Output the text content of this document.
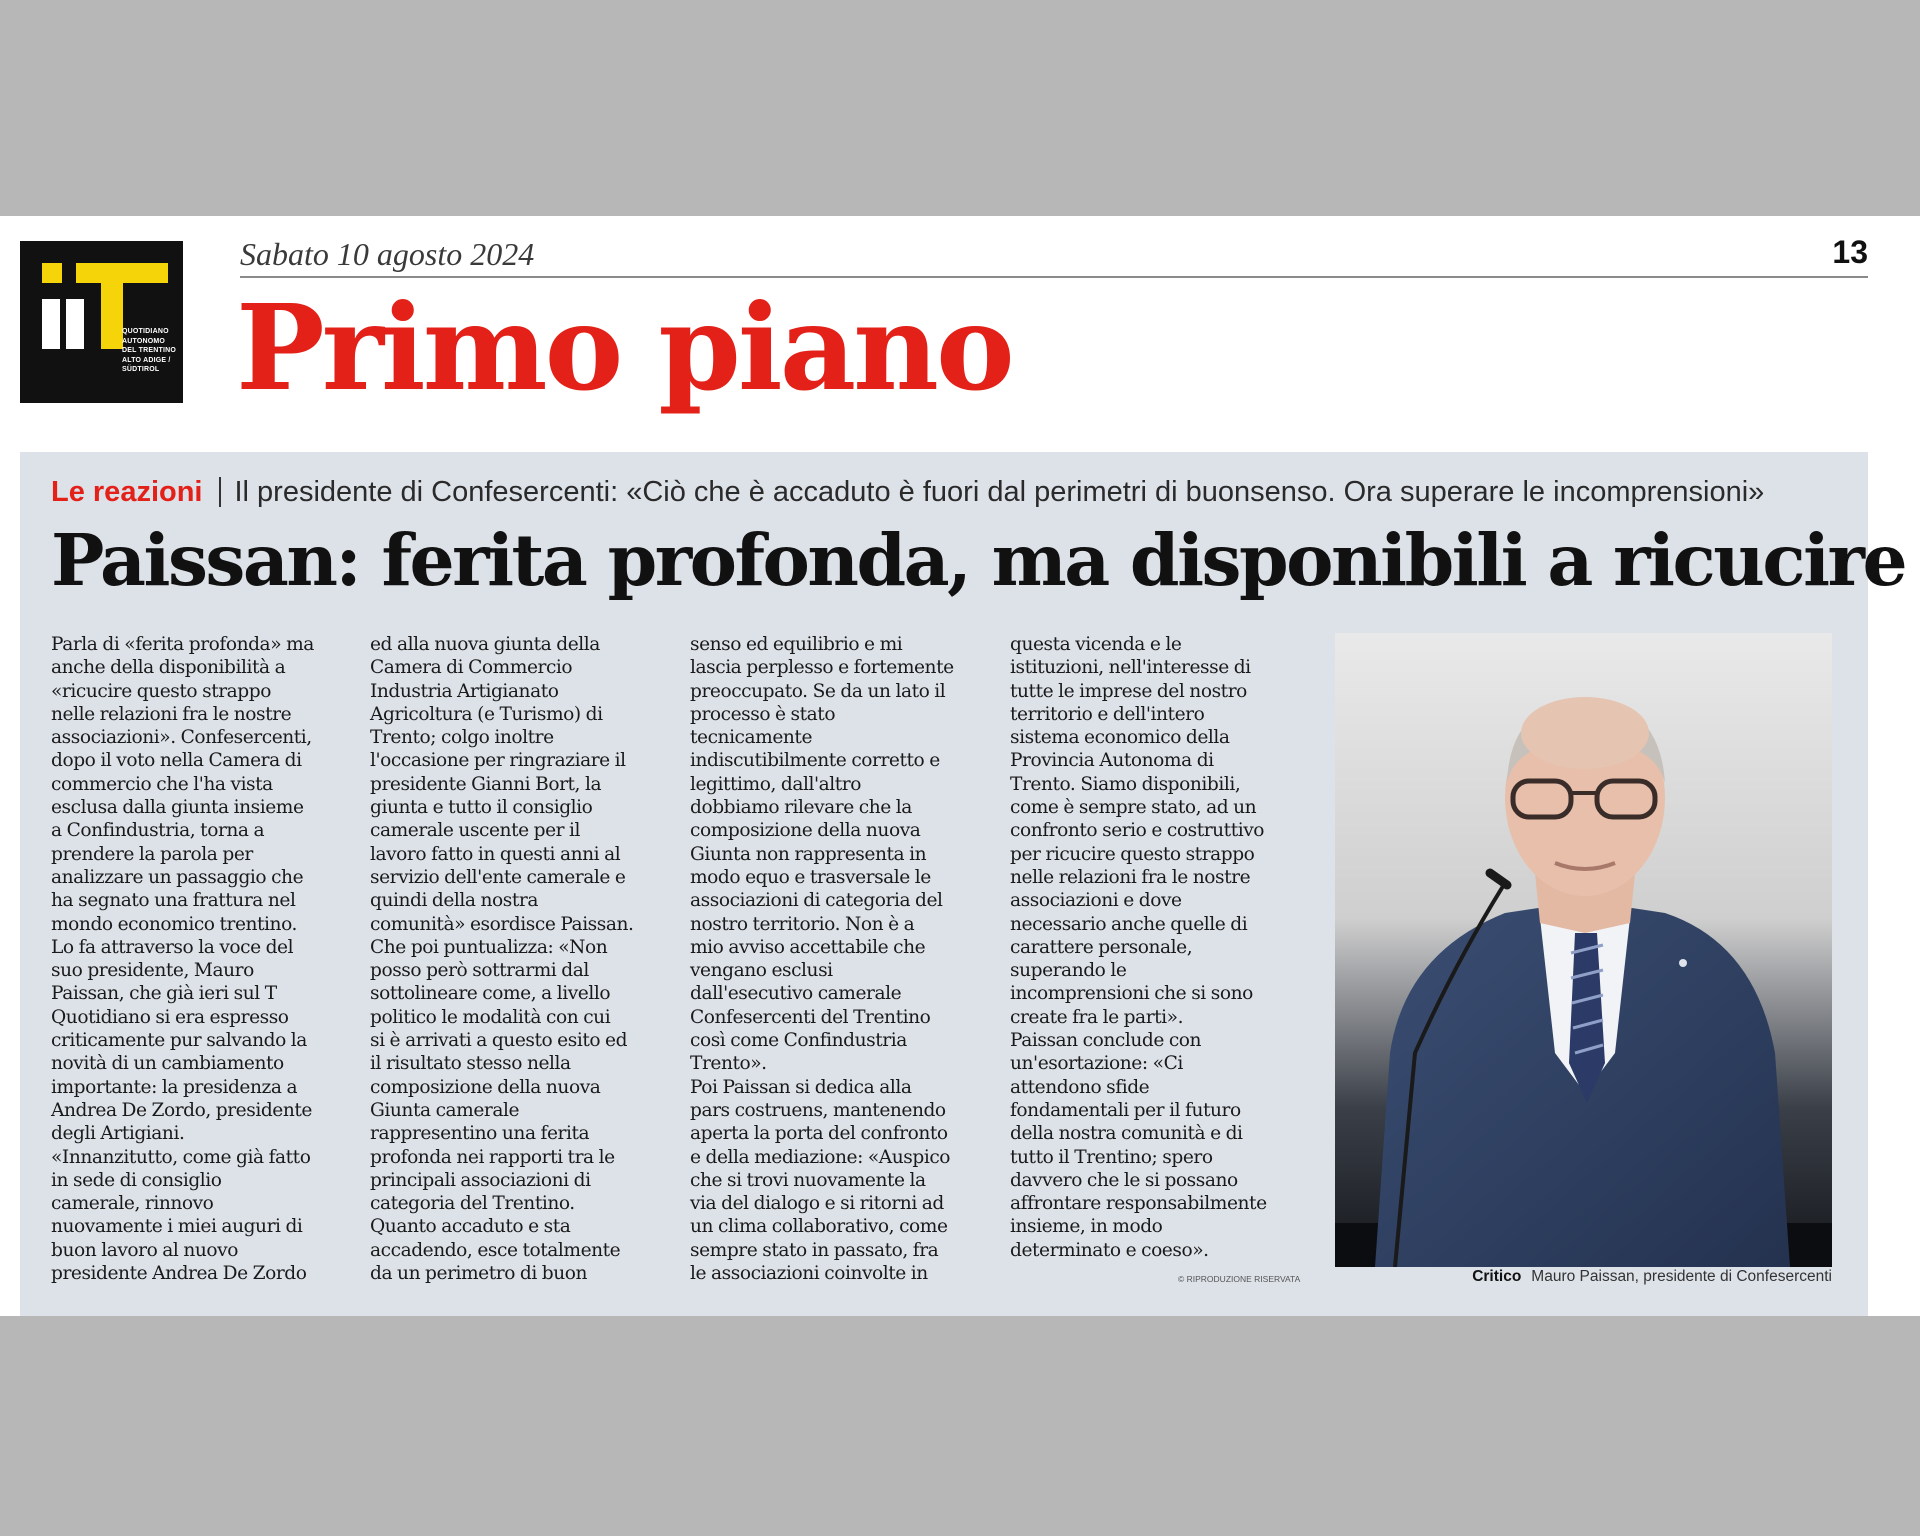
QUOTIDIANO
AUTONOMO
DEL TRENTINO
ALTO ADIGE /
SÜDTIROL
Sabato 10 agosto 2024	13
Primo piano
Le reazioni Il presidente di Confesercenti: «Ciò che è accaduto è fuori dal perimetri di buonsenso. Ora superare le incomprensioni»
Paissan: ferita profonda, ma disponibili a ricucire
Parla di «ferita profonda» ma
anche della disponibilità a
«ricucire questo strappo
nelle relazioni fra le nostre
associazioni». Confesercenti,
dopo il voto nella Camera di
commercio che l'ha vista
esclusa dalla giunta insieme
a Confindustria, torna a
prendere la parola per
analizzare un passaggio che
ha segnato una frattura nel
mondo economico trentino.
Lo fa attraverso la voce del
suo presidente, Mauro
Paissan, che già ieri sul T
Quotidiano si era espresso
criticamente pur salvando la
novità di un cambiamento
importante: la presidenza a
Andrea De Zordo, presidente
degli Artigiani.
«Innanzitutto, come già fatto
in sede di consiglio
camerale, rinnovo
nuovamente i miei auguri di
buon lavoro al nuovo
presidente Andrea De Zordo
ed alla nuova giunta della
Camera di Commercio
Industria Artigianato
Agricoltura (e Turismo) di
Trento; colgo inoltre
l'occasione per ringraziare il
presidente Gianni Bort, la
giunta e tutto il consiglio
camerale uscente per il
lavoro fatto in questi anni al
servizio dell'ente camerale e
quindi della nostra
comunità» esordisce Paissan.
Che poi puntualizza: «Non
posso però sottrarmi dal
sottolineare come, a livello
politico le modalità con cui
si è arrivati a questo esito ed
il risultato stesso nella
composizione della nuova
Giunta camerale
rappresentino una ferita
profonda nei rapporti tra le
principali associazioni di
categoria del Trentino.
Quanto accaduto e sta
accadendo, esce totalmente
da un perimetro di buon
senso ed equilibrio e mi
lascia perplesso e fortemente
preoccupato. Se da un lato il
processo è stato
tecnicamente
indiscutibilmente corretto e
legittimo, dall'altro
dobbiamo rilevare che la
composizione della nuova
Giunta non rappresenta in
modo equo e trasversale le
associazioni di categoria del
nostro territorio. Non è a
mio avviso accettabile che
vengano esclusi
dall'esecutivo camerale
Confesercenti del Trentino
così come Confindustria
Trento».
Poi Paissan si dedica alla
pars costruens, mantenendo
aperta la porta del confronto
e della mediazione: «Auspico
che si trovi nuovamente la
via del dialogo e si ritorni ad
un clima collaborativo, come
sempre stato in passato, fra
le associazioni coinvolte in
questa vicenda e le
istituzioni, nell'interesse di
tutte le imprese del nostro
territorio e dell'intero
sistema economico della
Provincia Autonoma di
Trento. Siamo disponibili,
come è sempre stato, ad un
confronto serio e costruttivo
per ricucire questo strappo
nelle relazioni fra le nostre
associazioni e dove
necessario anche quelle di
carattere personale,
superando le
incomprensioni che si sono
create fra le parti».
Paissan conclude con
un'esortazione: «Ci
attendono sfide
fondamentali per il futuro
della nostra comunità e di
tutto il Trentino; spero
davvero che le si possano
affrontare responsabilmente
insieme, in modo
determinato e coeso».
© RIPRODUZIONE RISERVATA	Critico Mauro Paissan, presidente di Confesercenti
